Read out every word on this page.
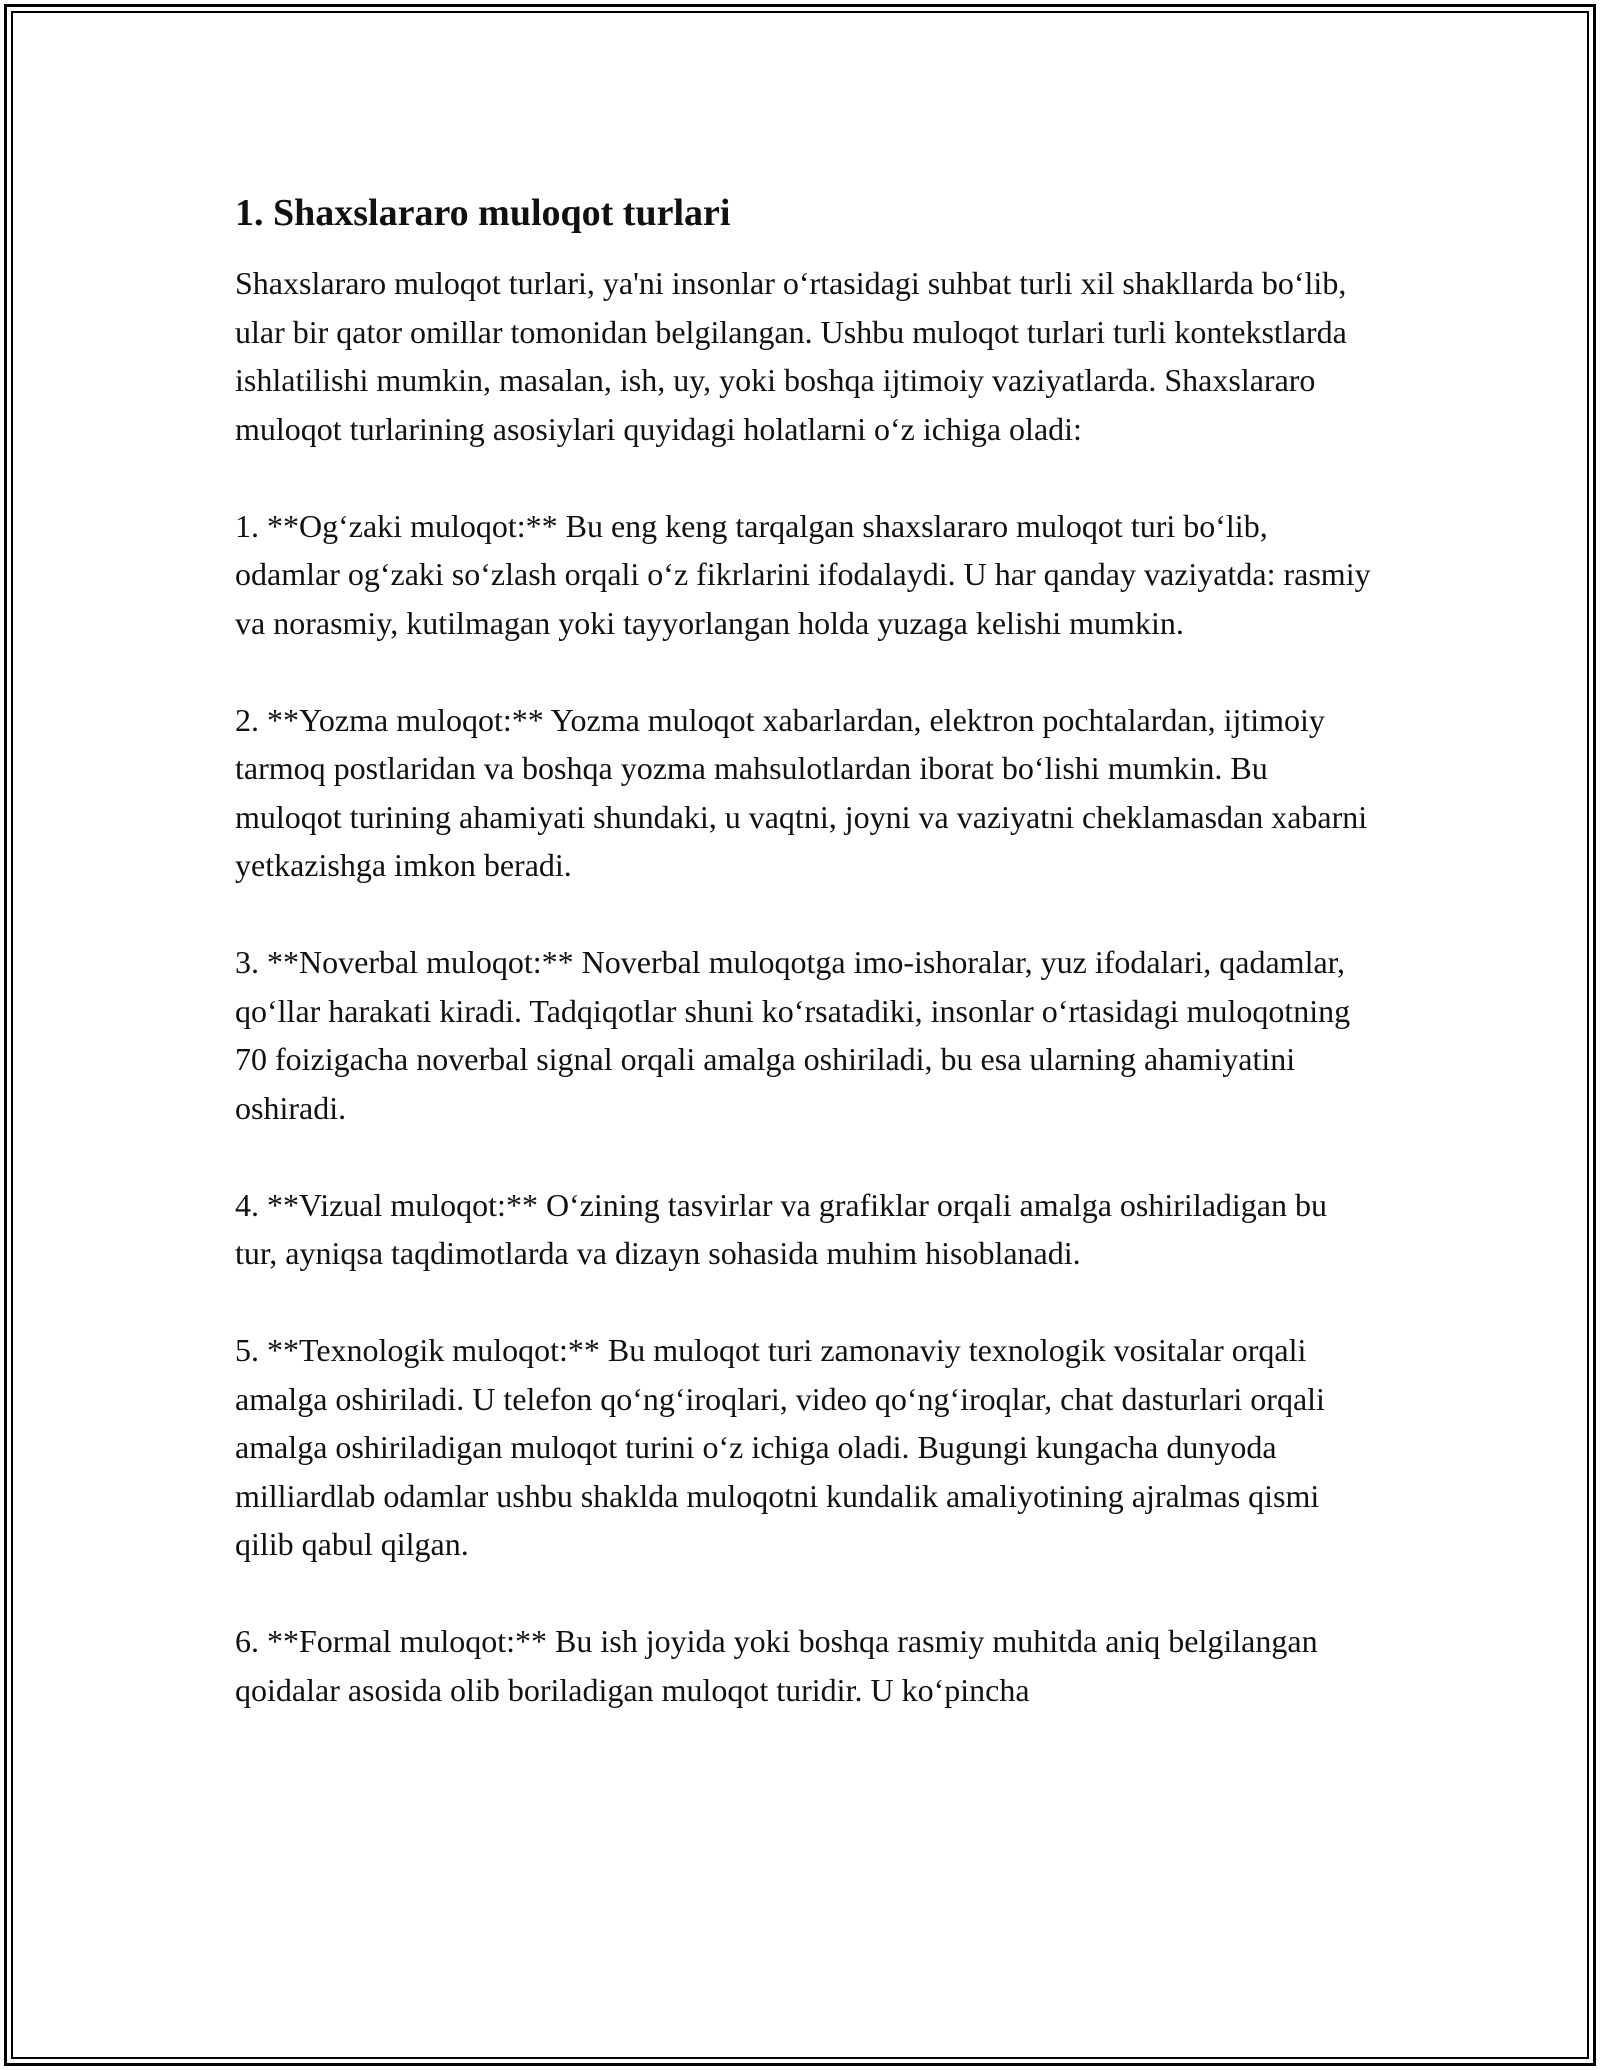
1. Shaxslararo muloqot turlari

Shaxslararo muloqot turlari, ya'ni insonlar o‘rtasidagi suhbat turli xil shakllarda bo‘lib, ular bir qator omillar tomonidan belgilangan. Ushbu muloqot turlari turli kontekstlarda ishlatilishi mumkin, masalan, ish, uy, yoki boshqa ijtimoiy vaziyatlarda. Shaxslararo muloqot turlarining asosiylari quyidagi holatlarni o‘z ichiga oladi:

1. **Og‘zaki muloqot:** Bu eng keng tarqalgan shaxslararo muloqot turi bo‘lib, odamlar og‘zaki so‘zlash orqali o‘z fikrlarini ifodalaydi. U har qanday vaziyatda: rasmiy va norasmiy, kutilmagan yoki tayyorlangan holda yuzaga kelishi mumkin.

2. **Yozma muloqot:** Yozma muloqot xabarlardan, elektron pochtalardan, ijtimoiy tarmoq postlaridan va boshqa yozma mahsulotlardan iborat bo‘lishi mumkin. Bu muloqot turining ahamiyati shundaki, u vaqtni, joyni va vaziyatni cheklamasdan xabarni yetkazishga imkon beradi.

3. **Noverbal muloqot:** Noverbal muloqotga imo-ishoralar, yuz ifodalari, qadamlar, qo‘llar harakati kiradi. Tadqiqotlar shuni ko‘rsatadiki, insonlar o‘rtasidagi muloqotning 70 foizigacha noverbal signal orqali amalga oshiriladi, bu esa ularning ahamiyatini oshiradi.

4. **Vizual muloqot:** O‘zining tasvirlar va grafiklar orqali amalga oshiriladigan bu tur, ayniqsa taqdimotlarda va dizayn sohasida muhim hisoblanadi.

5. **Texnologik muloqot:** Bu muloqot turi zamonaviy texnologik vositalar orqali amalga oshiriladi. U telefon qo‘ng‘iroqlari, video qo‘ng‘iroqlar, chat dasturlari orqali amalga oshiriladigan muloqot turini o‘z ichiga oladi. Bugungi kungacha dunyoda milliardlab odamlar ushbu shaklda muloqotni kundalik amaliyotining ajralmas qismi qilib qabul qilgan.

6. **Formal muloqot:** Bu ish joyida yoki boshqa rasmiy muhitda aniq belgilangan qoidalar asosida olib boriladigan muloqot turidir. U ko‘pincha
